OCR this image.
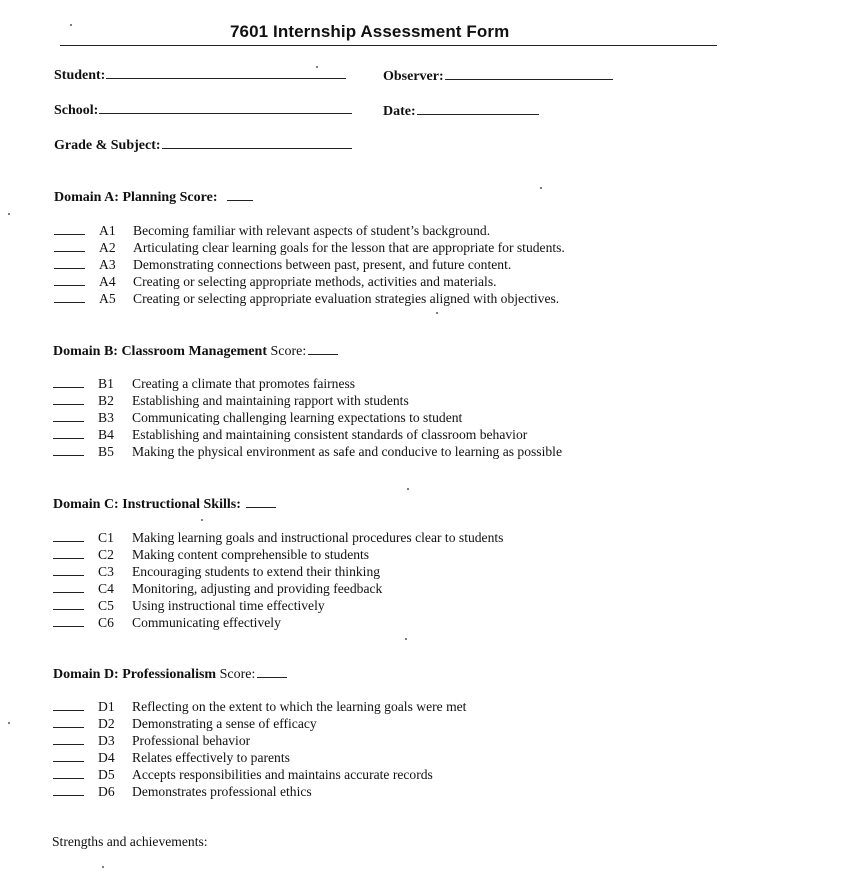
7601 Internship Assessment Form
Student:	Observer:
School:	Date:
Grade & Subject:
Domain A: Planning Score:
A1 Becoming familiar with relevant aspects of student’s background.
A2 Articulating clear learning goals for the lesson that are appropriate for students.
A3 Demonstrating connections between past, present, and future content.
A4 Creating or selecting appropriate methods, activities and materials.
A5 Creating or selecting appropriate evaluation strategies aligned with objectives.
Domain B: Classroom Management Score:
B1 Creating a climate that promotes fairness
B2 Establishing and maintaining rapport with students
B3 Communicating challenging learning expectations to student
B4 Establishing and maintaining consistent standards of classroom behavior
B5 Making the physical environment as safe and conducive to learning as possible
Domain C: Instructional Skills:
C1 Making learning goals and instructional procedures clear to students
C2 Making content comprehensible to students
C3 Encouraging students to extend their thinking
C4 Monitoring, adjusting and providing feedback
C5 Using instructional time effectively
C6 Communicating effectively
Domain D: Professionalism Score:
D1 Reflecting on the extent to which the learning goals were met
D2 Demonstrating a sense of efficacy
D3 Professional behavior
D4 Relates effectively to parents
D5 Accepts responsibilities and maintains accurate records
D6 Demonstrates professional ethics
Strengths and achievements:
